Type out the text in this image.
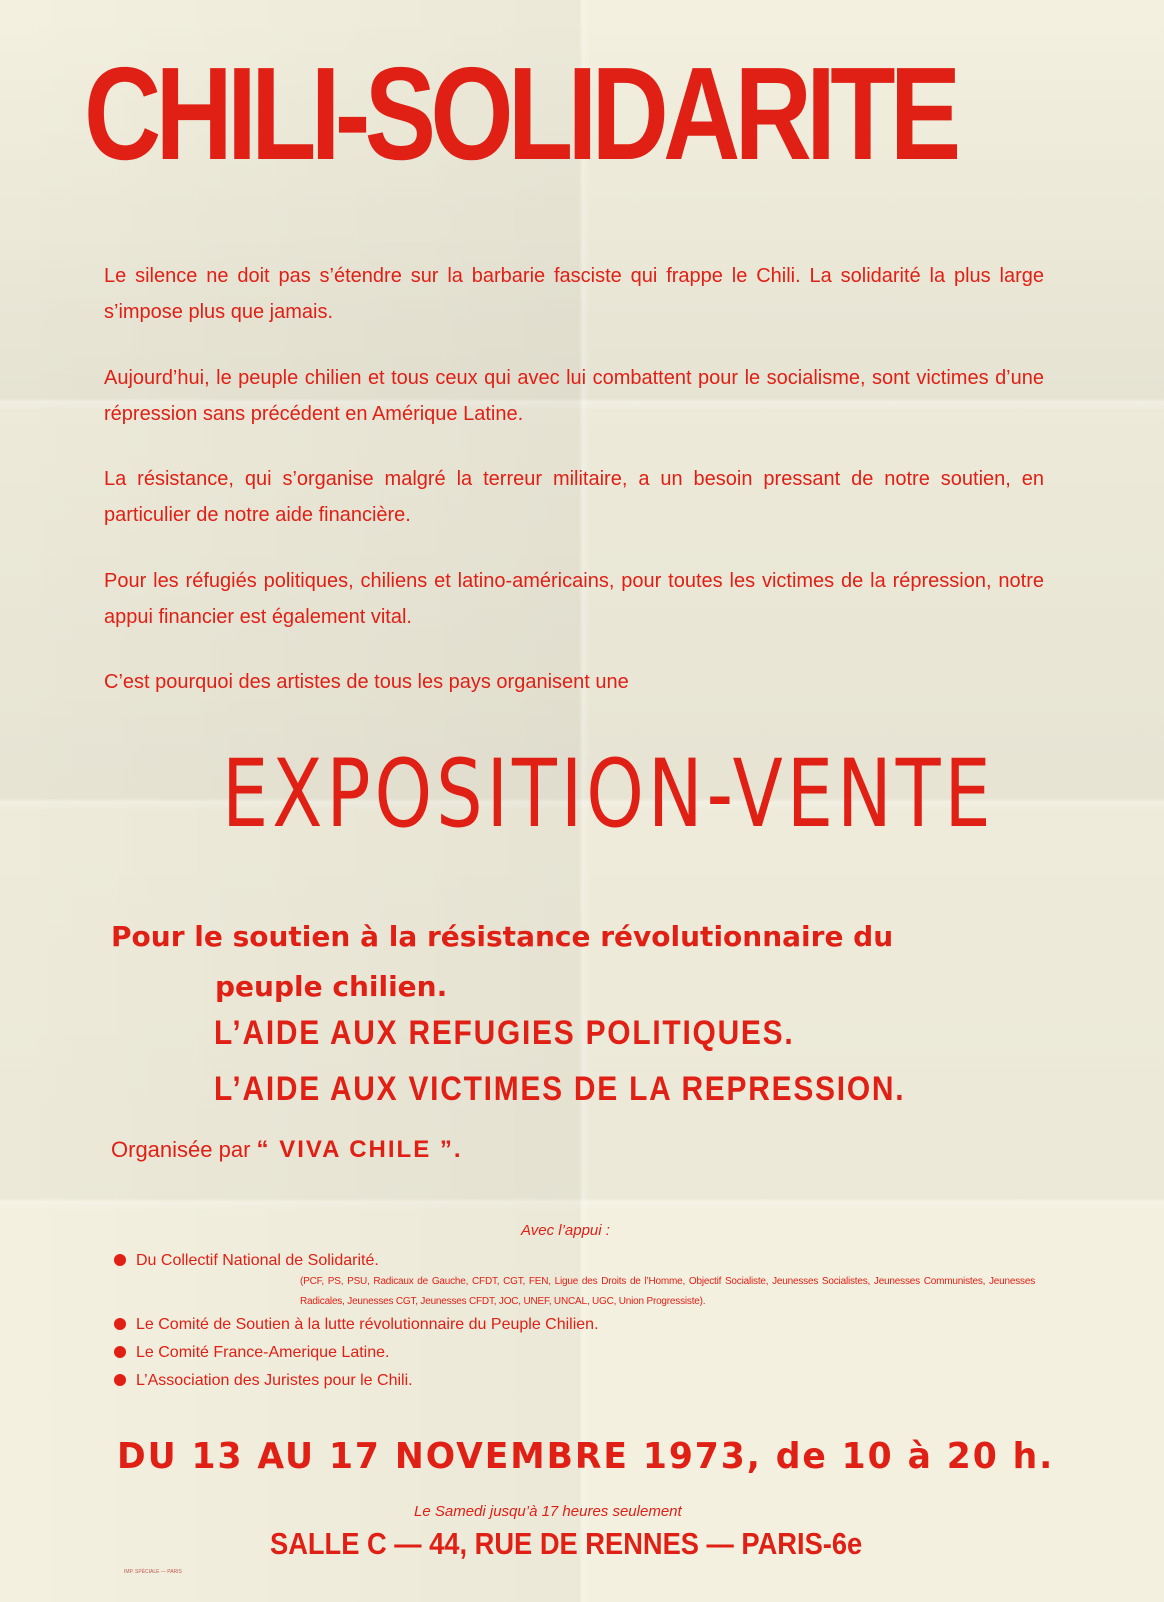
CHILI-SOLIDARITE

Le silence ne doit pas s’étendre sur la barbarie fasciste qui frappe le Chili. La solidarité la plus large s’impose plus que jamais.

Aujourd’hui, le peuple chilien et tous ceux qui avec lui combattent pour le socialisme, sont victimes d’une répression sans précédent en Amérique Latine.

La résistance, qui s’organise malgré la terreur militaire, a un besoin pressant de notre soutien, en particulier de notre aide financière.

Pour les réfugiés politiques, chiliens et latino-américains, pour toutes les victimes de la répression, notre appui financier est également vital.

C’est pourquoi des artistes de tous les pays organisent une

EXPOSITION-VENTE

Pour le soutien à la résistance révolutionnaire du
peuple chilien.

L’AIDE AUX REFUGIES POLITIQUES.

L’AIDE AUX VICTIMES DE LA REPRESSION.

Organisée par “ VIVA CHILE ”.

Avec l’appui :

Du Collectif National de Solidarité.

(PCF, PS, PSU, Radicaux de Gauche, CFDT, CGT, FEN, Ligue des Droits de l’Homme, Objectif Socialiste, Jeunesses Socialistes, Jeunesses Communistes, Jeunesses Radicales, Jeunesses CGT, Jeunesses CFDT, JOC, UNEF, UNCAL, UGC, Union Progressiste).

Le Comité de Soutien à la lutte révolutionnaire du Peuple Chilien.
Le Comité France-Amerique Latine.
L’Association des Juristes pour le Chili.

DU 13 AU 17 NOVEMBRE 1973, de 10 à 20 h.

Le Samedi jusqu’à 17 heures seulement

SALLE C — 44, RUE DE RENNES — PARIS-6e

IMP. SPÉCIALE — PARIS
